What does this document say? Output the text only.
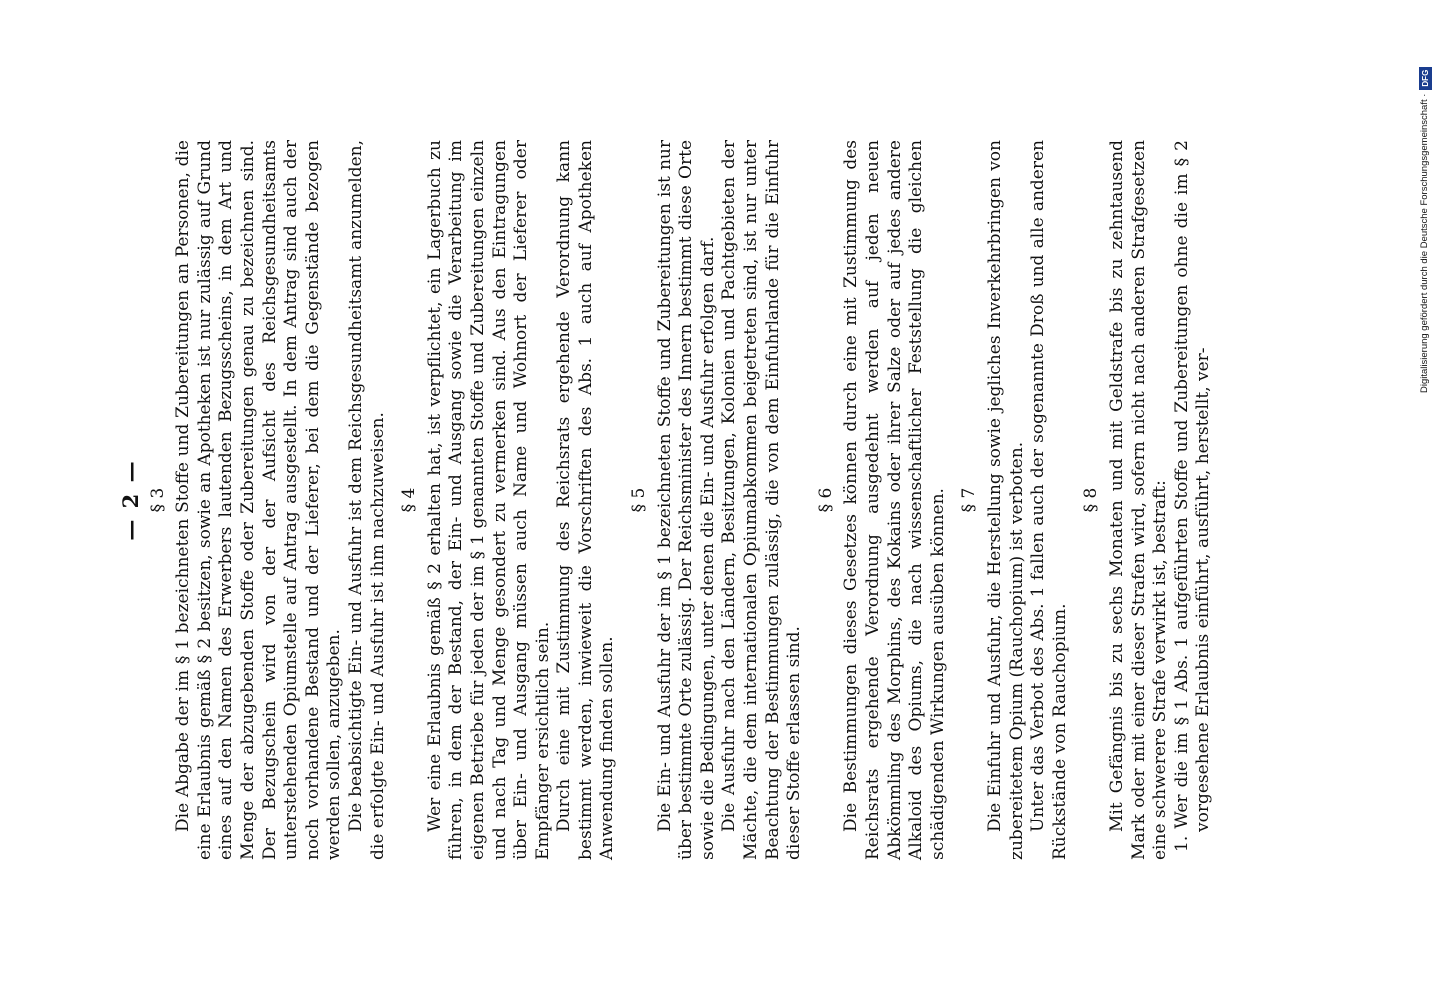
Digitalisierung gefördert durch die Deutsche Forschungsgemeinschaft ·
DFG
— 2 — § 3 Die Abgabe der im § 1 bezeichneten Stoffe und Zubereitungen an Personen, die eine Erlaubnis gemäß § 2 besitzen, sowie an Apotheken ist nur zulässig auf Grund eines auf den Namen des Erwerbers lautenden Bezugsscheins, in dem Art und Menge der abzugebenden Stoffe oder Zubereitungen genau zu bezeichnen sind. Der Bezugschein wird von der der Aufsicht des Reichsgesundheitsamts unterstehenden Opiumstelle auf Antrag ausgestellt. In dem Antrag sind auch der noch vorhandene Bestand und der Lieferer, bei dem die Gegenstände bezogen werden sollen, anzugeben. Die beabsichtigte Ein- und Ausfuhr ist dem Reichsgesundheitsamt anzumelden, die erfolgte Ein- und Ausfuhr ist ihm nachzuweisen. § 4 Wer eine Erlaubnis gemäß § 2 erhalten hat, ist verpflichtet, ein Lagerbuch zu führen, in dem der Bestand, der Ein- und Ausgang sowie die Verarbeitung im eigenen Betriebe für jeden der im § 1 genannten Stoffe und Zubereitungen einzeln und nach Tag und Menge gesondert zu vermerken sind. Aus den Eintragungen über Ein- und Ausgang müssen auch Name und Wohnort der Lieferer oder Empfänger ersichtlich sein. Durch eine mit Zustimmung des Reichsrats ergehende Verordnung kann bestimmt werden, inwieweit die Vorschriften des Abs. 1 auch auf Apotheken Anwendung finden sollen.

§ 5 Die Ein- und Ausfuhr der im § 1 bezeichneten Stoffe und Zubereitungen ist nur über bestimmte Orte zulässig. Der Reichsminister des Innern bestimmt diese Orte sowie die Bedingungen, unter denen die Ein- und Ausfuhr erfolgen darf. Die Ausfuhr nach den Ländern, Besitzungen, Kolonien und Pachtgebieten der Mächte, die dem internationalen Opiumabkommen beigetreten sind, ist nur unter Beachtung der Bestimmungen zulässig, die von dem Einfuhrlande für die Einfuhr dieser Stoffe erlassen sind.

§ 6 Die Bestimmungen dieses Gesetzes können durch eine mit Zustimmung des Reichsrats ergehende Verordnung ausgedehnt werden auf jeden neuen Abkömmling des Morphins, des Kokains oder ihrer Salze oder auf jedes andere Alkaloid des Opiums, die nach wissenschaftlicher Feststellung die gleichen schädigenden Wirkungen ausüben können. § 7 Die Einfuhr und Ausfuhr, die Herstellung sowie jegliches Inverkehrbringen von zubereitetem Opium (Rauchopium) ist verboten. Unter das Verbot des Abs. 1 fallen auch der sogenannte Droß und alle anderen Rückstände von Rauchopium.

§ 8 Mit Gefängnis bis zu sechs Monaten und mit Geldstrafe bis zu zehntausend Mark oder mit einer dieser Strafen wird, sofern nicht nach anderen Strafgesetzen eine schwerere Strafe verwirkt ist, bestraft: 1. Wer die im § 1 Abs. 1 aufgeführten Stoffe und Zubereitungen ohne die im § 2 vorgesehene Erlaubnis einführt, ausführt, herstellt, ver-
